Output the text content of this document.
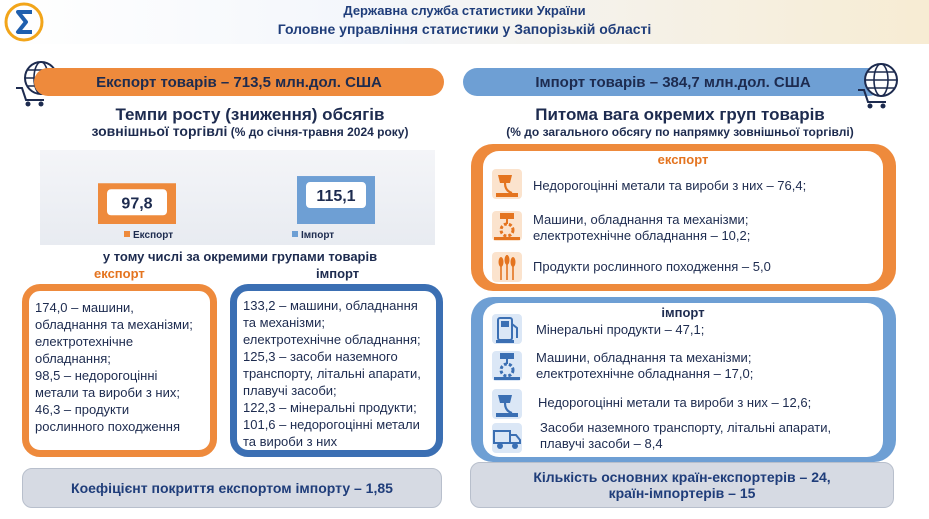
Державна служба статистики України
Головне управління статистики у Запорізькій області
Експорт товарів – 713,5 млн.дол. США	Імпорт товарів – 384,7 млн.дол. США
Темпи росту (зниження) обсягів
зовнішньої торгівлі (% до січня-травня 2024 року)
97,8	115,1
Експорт	Імпорт
у тому числі за окремими групами товарів
експорт	імпорт
174,0 – машини,
обладнання та механізми;
електротехнічне
обладнання;
98,5 – недорогоцінні
метали та вироби з них;
46,3 – продукти
рослинного походження
133,2 – машини, обладнання
та механізми;
електротехнічне обладнання;
125,3 – засоби наземного
транспорту, літальні апарати,
плавучі засоби;
122,3 – мінеральні продукти;
101,6 – недорогоцінні метали
та вироби з них
Коефіцієнт покриття експортом імпорту – 1,85
Питома вага окремих груп товарів
(% до загального обсягу по напрямку зовнішньої торгівлі)
експорт
Недорогоцінні метали та вироби з них – 76,4;
Машини, обладнання та механізми;
електротехнічне обладнання – 10,2;
Продукти рослинного походження – 5,0
імпорт
Мінеральні продукти – 47,1;
Машини, обладнання та механізми;
електротехнічне обладнання – 17,0;
Недорогоцінні метали та вироби з них – 12,6;
Засоби наземного транспорту, літальні апарати,
плавучі засоби – 8,4
Кількість основних країн-експортерів – 24,
країн-імпортерів – 15
